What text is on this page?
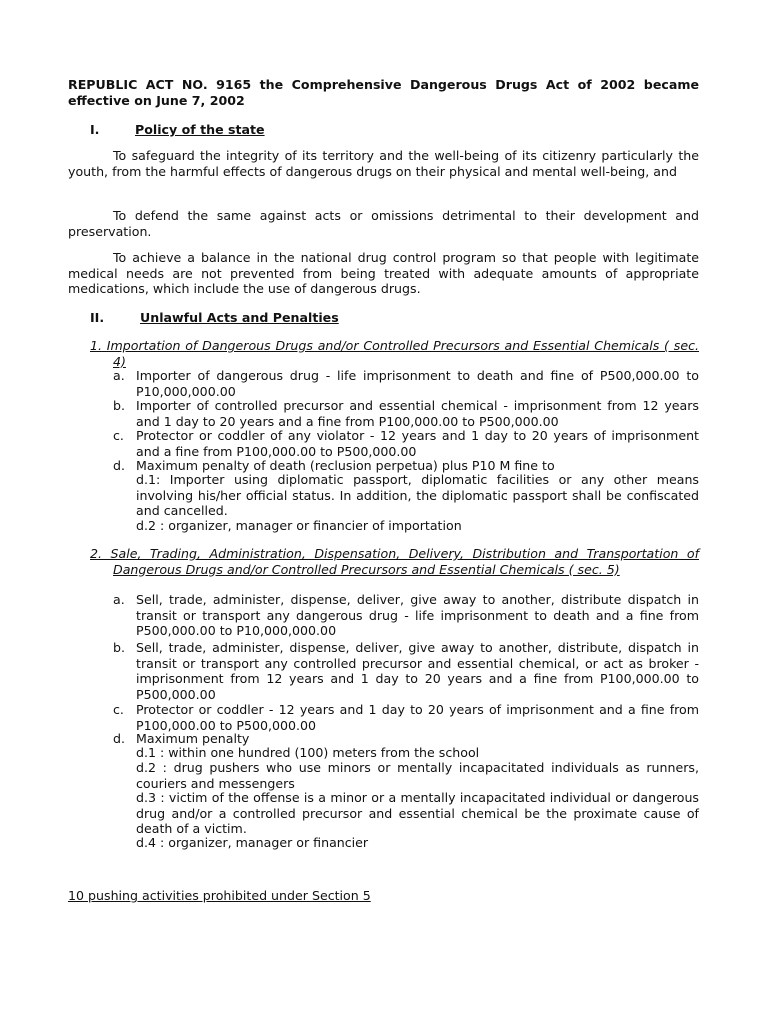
REPUBLIC ACT NO. 9165 the Comprehensive Dangerous Drugs Act of 2002 became effective on June 7, 2002
I.	Policy of the state
To safeguard the integrity of its territory and the well-being of its citizenry particularly the youth, from the harmful effects of dangerous drugs on their physical and mental well-being, and
To defend the same against acts or omissions detrimental to their development and preservation.
To achieve a balance in the national drug control program so that people with legitimate medical needs are not prevented from being treated with adequate amounts of appropriate medications, which include the use of dangerous drugs.
II.	Unlawful Acts and Penalties
1. Importation of Dangerous Drugs and/or Controlled Precursors and Essential Chemicals ( sec. 4)
a. Importer of dangerous drug - life imprisonment to death and fine of P500,000.00 to P10,000,000.00
b. Importer of controlled precursor and essential chemical - imprisonment from 12 years and 1 day to 20 years and a fine from P100,000.00 to P500,000.00
c. Protector or coddler of any violator - 12 years and 1 day to 20 years of imprisonment and a fine from P100,000.00 to P500,000.00
d. Maximum penalty of death (reclusion perpetua) plus P10 M fine to
d.1: Importer using diplomatic passport, diplomatic facilities or any other means involving his/her official status. In addition, the diplomatic passport shall be confiscated and cancelled.
d.2 : organizer, manager or financier of importation
2. Sale, Trading, Administration, Dispensation, Delivery, Distribution and Transportation of Dangerous Drugs and/or Controlled Precursors and Essential Chemicals ( sec. 5)
a. Sell, trade, administer, dispense, deliver, give away to another, distribute dispatch in transit or transport any dangerous drug - life imprisonment to death and a fine from P500,000.00 to P10,000,000.00
b. Sell, trade, administer, dispense, deliver, give away to another, distribute, dispatch in transit or transport any controlled precursor and essential chemical, or act as broker - imprisonment from 12 years and 1 day to 20 years and a fine from P100,000.00 to P500,000.00
c. Protector or coddler - 12 years and 1 day to 20 years of imprisonment and a fine from P100,000.00 to P500,000.00
d. Maximum penalty
d.1 : within one hundred (100) meters from the school
d.2 : drug pushers who use minors or mentally incapacitated individuals as runners, couriers and messengers
d.3 : victim of the offense is a minor or a mentally incapacitated individual or dangerous drug and/or a controlled precursor and essential chemical be the proximate cause of death of a victim.
d.4 : organizer, manager or financier
10 pushing activities prohibited under Section 5
